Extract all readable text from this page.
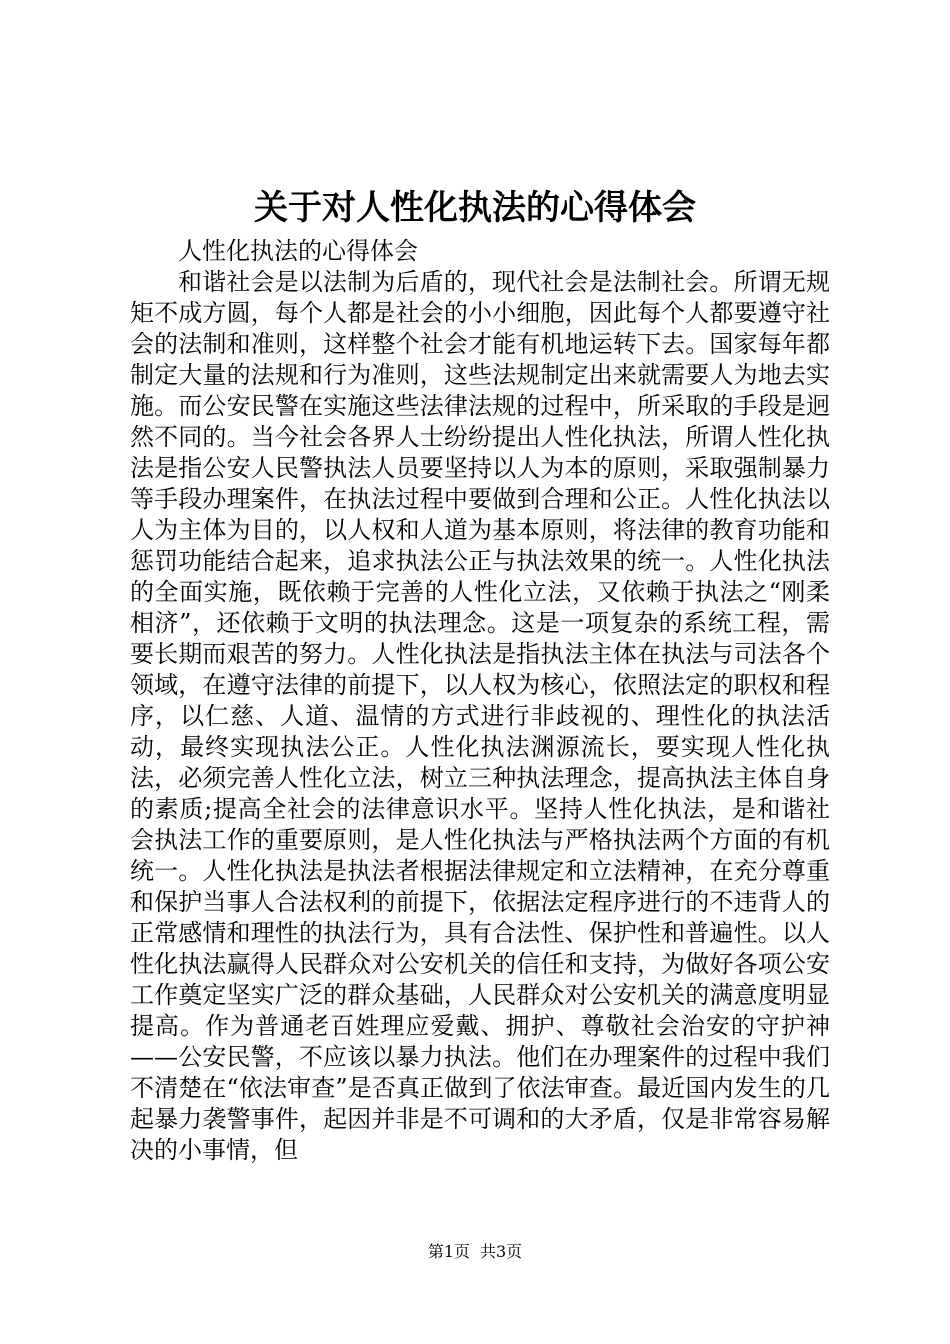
关于对人性化执法的心得体会

人性化执法的心得体会

和谐社会是以法制为后盾的，现代社会是法制社会。所谓无规矩不成方圆，每个人都是社会的小小细胞，因此每个人都要遵守社会的法制和准则，这样整个社会才能有机地运转下去。国家每年都制定大量的法规和行为准则，这些法规制定出来就需要人为地去实施。而公安民警在实施这些法律法规的过程中，所采取的手段是迥然不同的。当今社会各界人士纷纷提出人性化执法，所谓人性化执法是指公安人民警执法人员要坚持以人为本的原则，采取强制暴力等手段办理案件，在执法过程中要做到合理和公正。人性化执法以人为主体为目的，以人权和人道为基本原则，将法律的教育功能和惩罚功能结合起来，追求执法公正与执法效果的统一。人性化执法的全面实施，既依赖于完善的人性化立法，又依赖于执法之“刚柔相济”，还依赖于文明的执法理念。这是一项复杂的系统工程，需要长期而艰苦的努力。人性化执法是指执法主体在执法与司法各个领域，在遵守法律的前提下，以人权为核心，依照法定的职权和程序，以仁慈、人道、温情的方式进行非歧视的、理性化的执法活动，最终实现执法公正。人性化执法渊源流长，要实现人性化执法，必须完善人性化立法，树立三种执法理念，提高执法主体自身的素质;提高全社会的法律意识水平。坚持人性化执法，是和谐社会执法工作的重要原则，是人性化执法与严格执法两个方面的有机统一。人性化执法是执法者根据法律规定和立法精神，在充分尊重和保护当事人合法权利的前提下，依据法定程序进行的不违背人的正常感情和理性的执法行为，具有合法性、保护性和普遍性。以人性化执法赢得人民群众对公安机关的信任和支持，为做好各项公安工作奠定坚实广泛的群众基础，人民群众对公安机关的满意度明显提高。作为普通老百姓理应爱戴、拥护、尊敬社会治安的守护神——公安民警，不应该以暴力执法。他们在办理案件的过程中我们不清楚在“依法审查”是否真正做到了依法审查。最近国内发生的几起暴力袭警事件，起因并非是不可调和的大矛盾，仅是非常容易解决的小事情，但

第1页 共3页
